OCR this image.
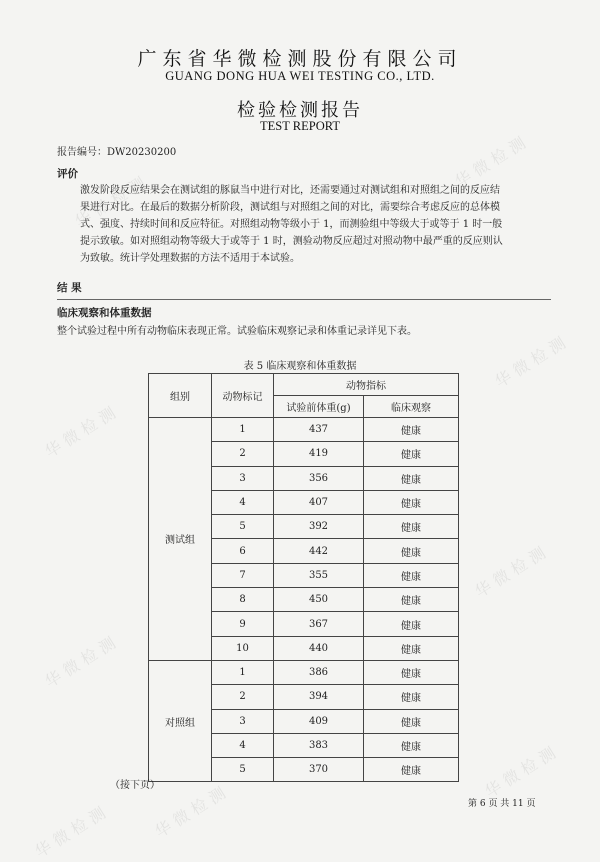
华 微 检 测
华 微 检 测
华 微 检 测
华 微 检 测
华 微 检 测
华 微 检 测
华 微 检 测
华 微 检 测
华 微 检 测
广东省华微检测股份有限公司
GUANG DONG HUA WEI TESTING CO., LTD.
检验检测报告
TEST REPORT
报告编号：DW20230200
评价
激发阶段反应结果会在测试组的豚鼠当中进行对比，还需要通过对测试组和对照组之间的反应结
果进行对比。在最后的数据分析阶段，测试组与对照组之间的对比，需要综合考虑反应的总体模
式、强度、持续时间和反应特征。对照组动物等级小于 1，而测验组中等级大于或等于 1 时一般
提示致敏。如对照组动物等级大于或等于 1 时，测验动物反应超过对照动物中最严重的反应则认
为致敏。统计学处理数据的方法不适用于本试验。
结 果
临床观察和体重数据
整个试验过程中所有动物临床表现正常。试验临床观察记录和体重记录详见下表。
表 5 临床观察和体重数据
组别	动物标记	动物指标	
		试验前体重(g)	临床观察
测试组	1	437	健康
	2	419	健康
	3	356	健康
	4	407	健康
	5	392	健康
	6	442	健康
	7	355	健康
	8	450	健康
	9	367	健康
	10	440	健康
对照组	1	386	健康
	2	394	健康
	3	409	健康
	4	383	健康
	5	370	健康
（接下页）
第 6 页 共 11 页
